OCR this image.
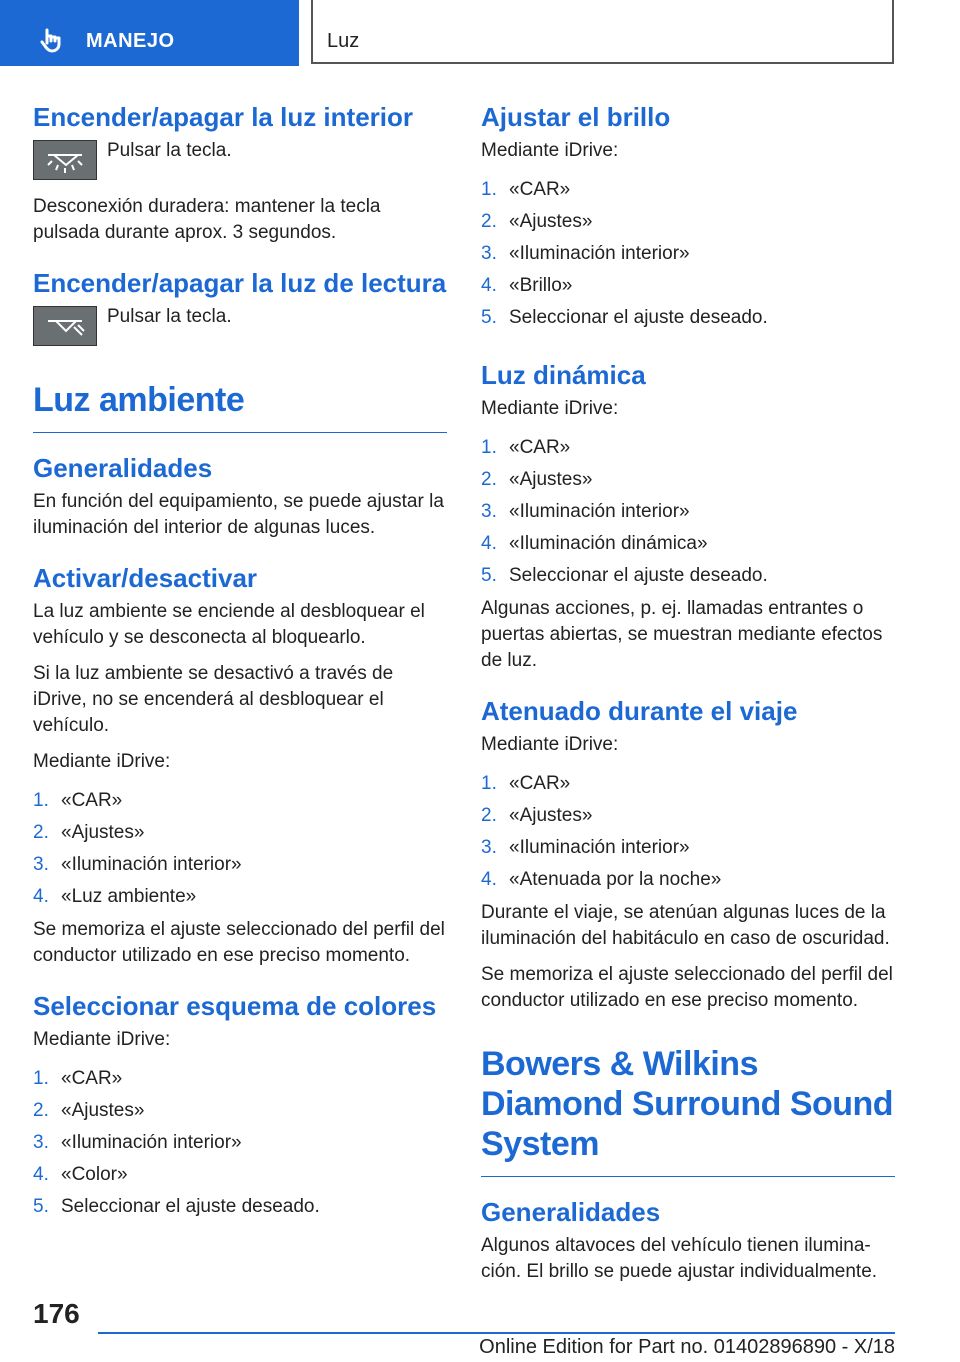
MANEJO	Luz
Encender/apagar la luz interior
Pulsar la tecla.

Desconexión duradera: mantener la tecla pulsada durante aprox. 3 segundos.

Encender/apagar la luz de lectura
Pulsar la tecla.
Luz ambiente
Generalidades

En función del equipamiento, se puede ajustar la iluminación del interior de algunas luces.

Activar/desactivar

La luz ambiente se enciende al desbloquear el vehículo y se desconecta al bloquearlo.

Si la luz ambiente se desactivó a través de iDrive, no se encenderá al desbloquear el vehículo.

Mediante iDrive:

1. «CAR»
2. «Ajustes»
3. «Iluminación interior»
4. «Luz ambiente»

Se memoriza el ajuste seleccionado del perfil del conductor utilizado en ese preciso momento.

Seleccionar esquema de colores

Mediante iDrive:

1. «CAR»
2. «Ajustes»
3. «Iluminación interior»
4. «Color»
5. Seleccionar el ajuste deseado.
Ajustar el brillo

Mediante iDrive:

1. «CAR»
2. «Ajustes»
3. «Iluminación interior»
4. «Brillo»
5. Seleccionar el ajuste deseado.
Luz dinámica

Mediante iDrive:

1. «CAR»
2. «Ajustes»
3. «Iluminación interior»
4. «Iluminación dinámica»
5. Seleccionar el ajuste deseado.

Algunas acciones, p. ej. llamadas entrantes o puertas abiertas, se muestran mediante efectos de luz.

Atenuado durante el viaje

Mediante iDrive:

1. «CAR»
2. «Ajustes»
3. «Iluminación interior»
4. «Atenuada por la noche»

Durante el viaje, se atenúan algunas luces de la iluminación del habitáculo en caso de oscuridad.

Se memoriza el ajuste seleccionado del perfil del conductor utilizado en ese preciso momento.

Bowers & Wilkins Diamond Surround Sound System
Generalidades

Algunos altavoces del vehículo tienen iluminación. El brillo se puede ajustar individualmente.

176
Online Edition for Part no. 01402896890 - X/18
